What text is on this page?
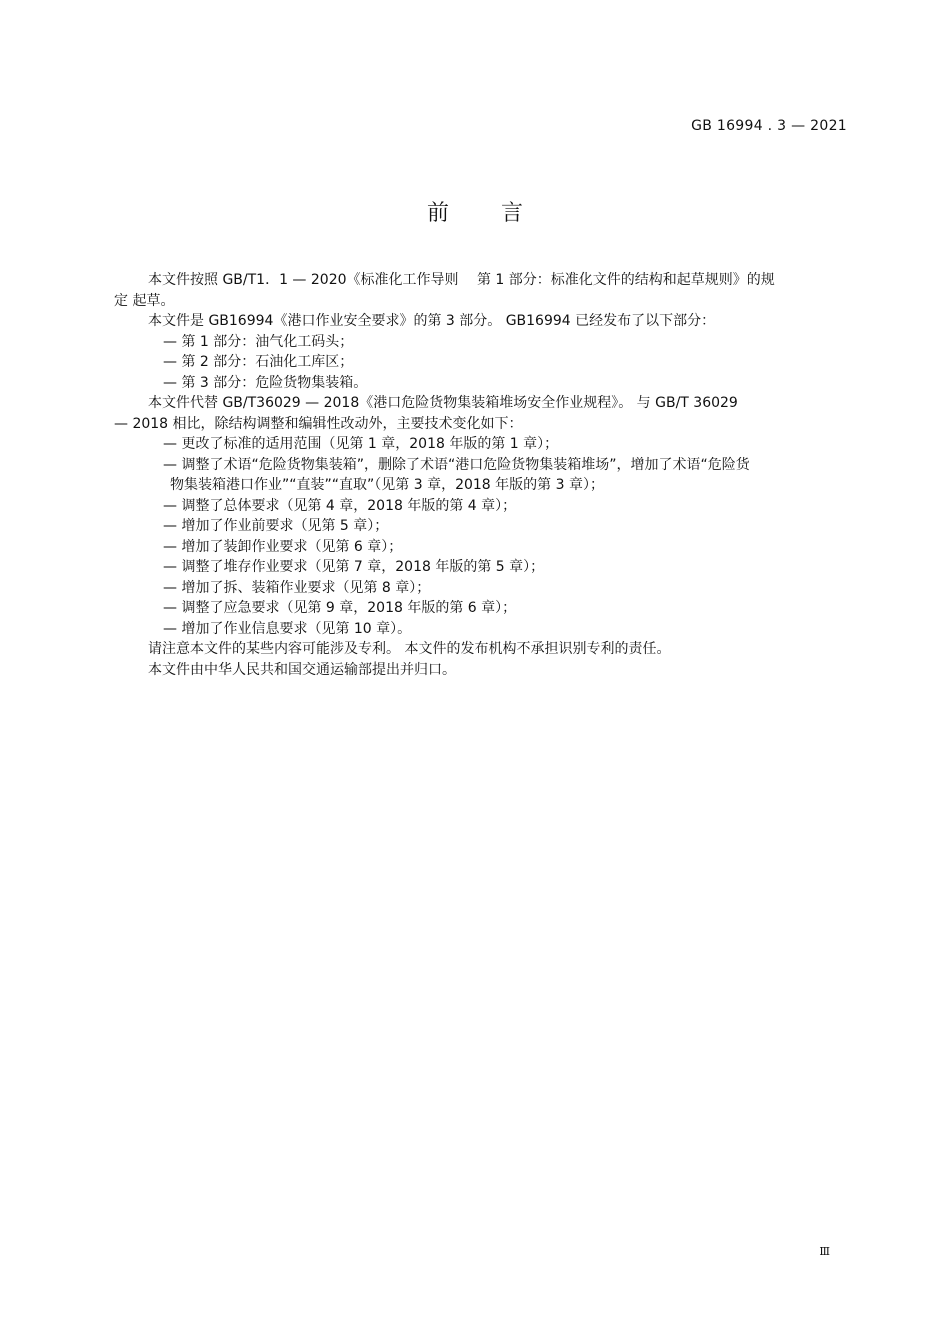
GB 16994 . 3 — 2021
前言
本文件按照 GB/T1．1 — 2020《标准化工作导则　 第 1 部分：标准化文件的结构和起草规则》的规
定 起草。
本文件是 GB16994《港口作业安全要求》的第 3 部分。 GB16994 已经发布了以下部分：
— 第 1 部分：油气化工码头；
— 第 2 部分：石油化工库区；
— 第 3 部分：危险货物集装箱。
本文件代替 GB/T36029 — 2018《港口危险货物集装箱堆场安全作业规程》。 与 GB/T 36029
— 2018 相比，除结构调整和编辑性改动外，主要技术变化如下：
— 更改了标准的适用范围（见第 1 章，2018 年版的第 1 章）；
— 调整了术语“危险货物集装箱”，删除了术语“港口危险货物集装箱堆场”，增加了术语“危险货
物集装箱港口作业”“直装”“直取”（见第 3 章，2018 年版的第 3 章）；
— 调整了总体要求（见第 4 章，2018 年版的第 4 章）；
— 增加了作业前要求（见第 5 章）；
— 增加了装卸作业要求（见第 6 章）；
— 调整了堆存作业要求（见第 7 章，2018 年版的第 5 章）；
— 增加了拆、装箱作业要求（见第 8 章）；
— 调整了应急要求（见第 9 章，2018 年版的第 6 章）；
— 增加了作业信息要求（见第 10 章）。
请注意本文件的某些内容可能涉及专利。 本文件的发布机构不承担识别专利的责任。
本文件由中华人民共和国交通运输部提出并归口。
Ⅲ
